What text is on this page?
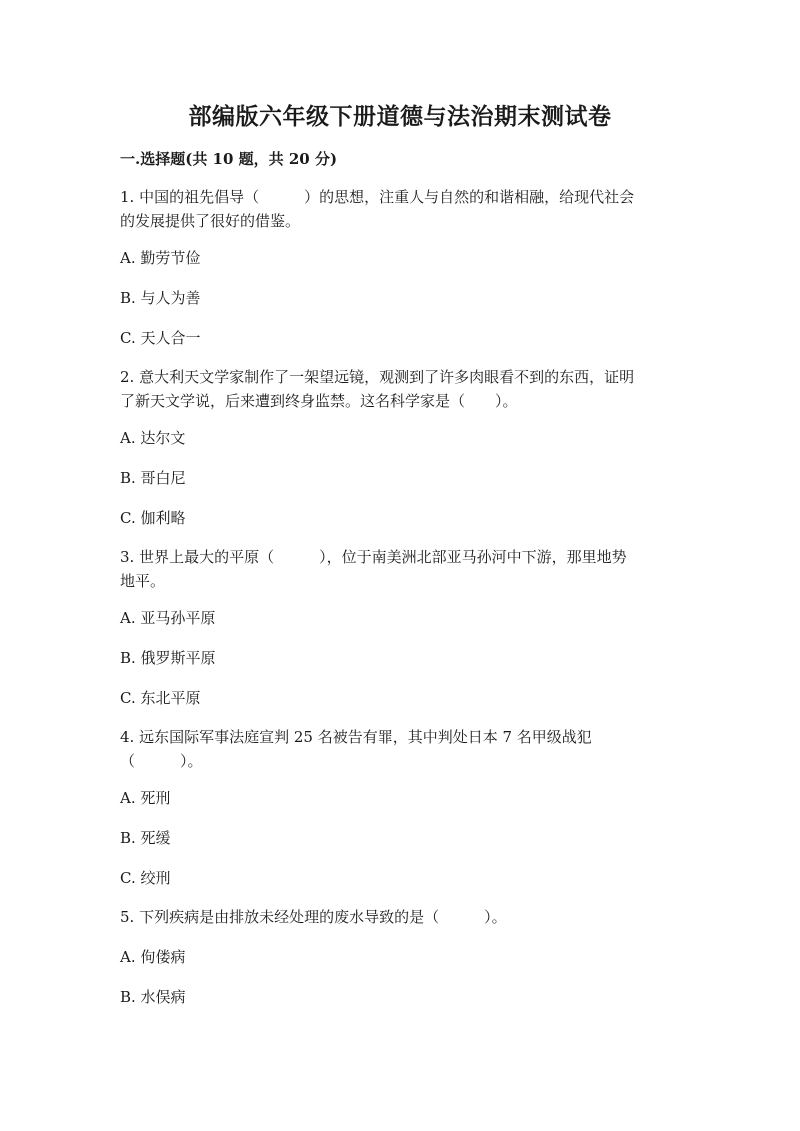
部编版六年级下册道德与法治期末测试卷
一.选择题(共 10 题，共 20 分)
1. 中国的祖先倡导（　　　）的思想，注重人与自然的和谐相融，给现代社会
的发展提供了很好的借鉴。
A. 勤劳节俭
B. 与人为善
C. 天人合一
2. 意大利天文学家制作了一架望远镜，观测到了许多肉眼看不到的东西，证明
了新天文学说，后来遭到终身监禁。这名科学家是（　　）。
A. 达尔文
B. 哥白尼
C. 伽利略
3. 世界上最大的平原（　　　），位于南美洲北部亚马孙河中下游，那里地势
地平。
A. 亚马孙平原
B. 俄罗斯平原
C. 东北平原
4. 远东国际军事法庭宣判 25 名被告有罪，其中判处日本 7 名甲级战犯
（　　　）。
A. 死刑
B. 死缓
C. 绞刑
5. 下列疾病是由排放未经处理的废水导致的是（　　　）。
A. 佝偻病
B. 水俣病
